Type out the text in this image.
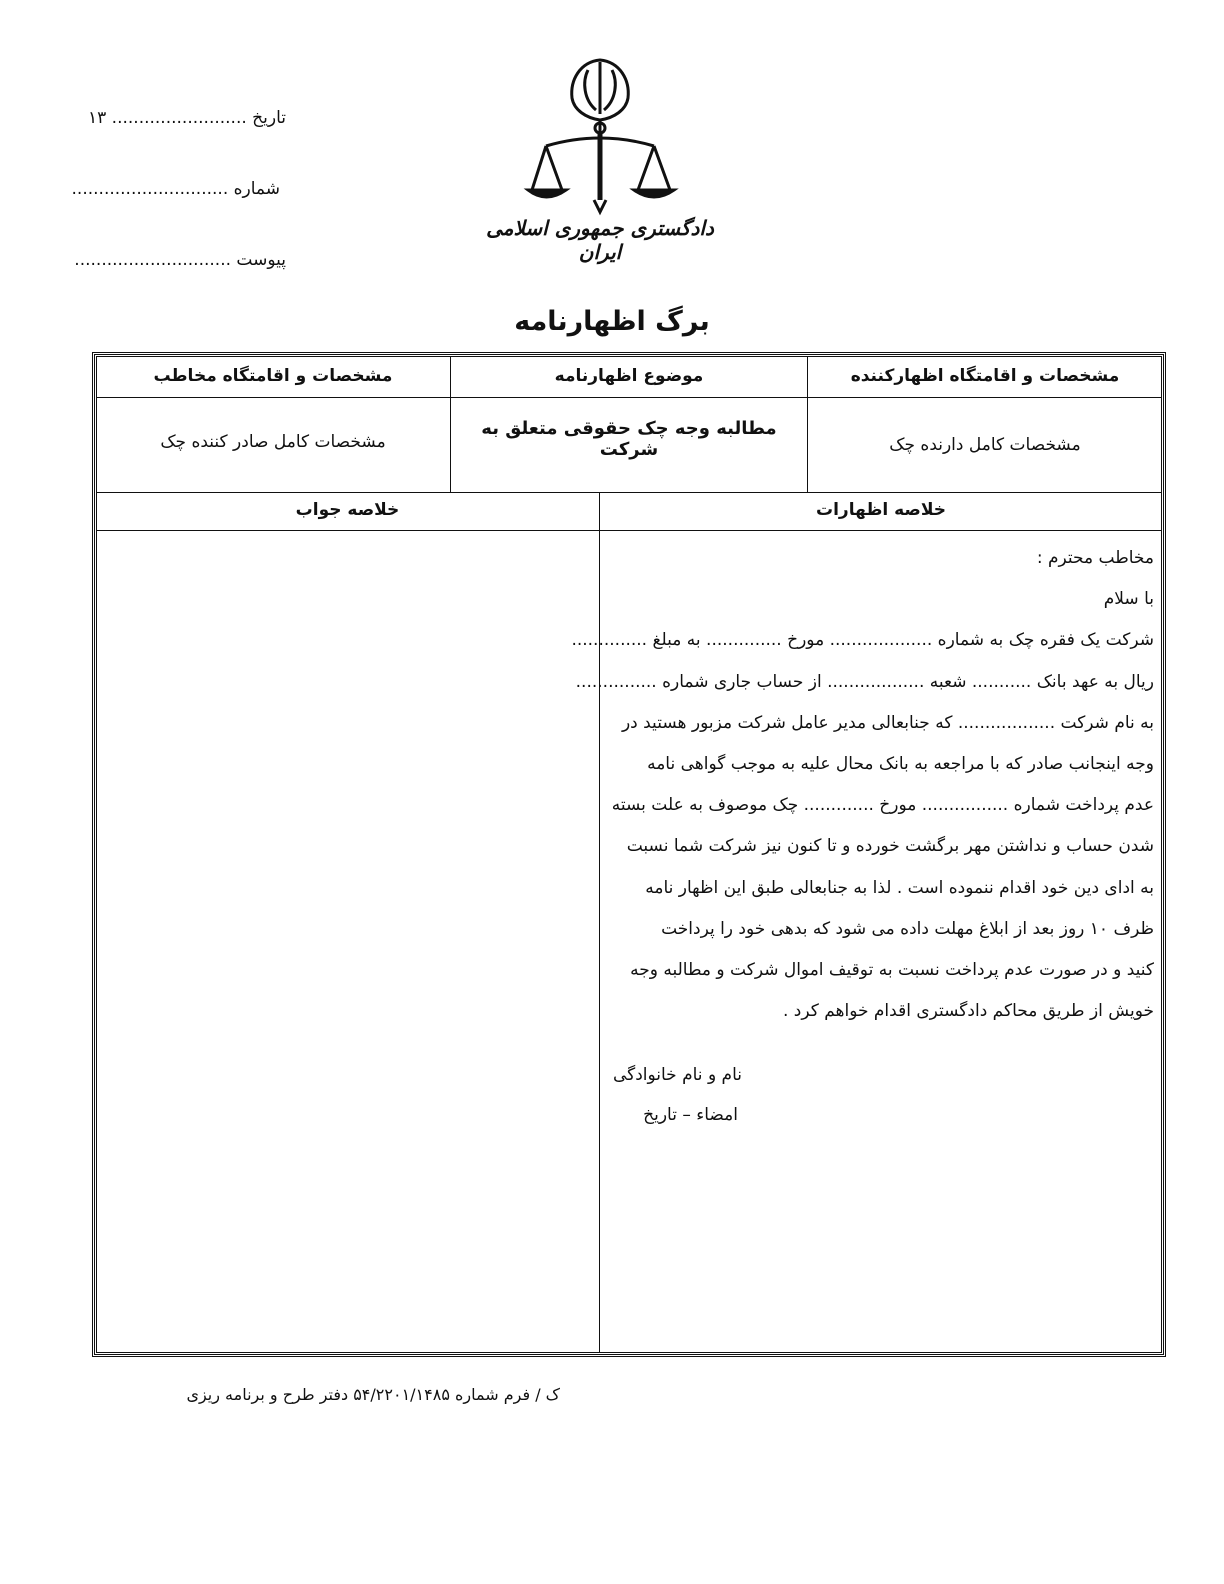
تاریخ ......................... ۱۳
شماره .............................
پیوست .............................
دادگستری جمهوری اسلامی ایران
برگ اظهارنامه
مشخصات و اقامتگاه اظهارکننده
موضوع اظهارنامه
مشخصات و اقامتگاه مخاطب
مشخصات کامل دارنده چک
مطالبه وجه چک حقوقی متعلق به شرکت
مشخصات کامل صادر کننده چک
خلاصه اظهارات
خلاصه جواب
مخاطب محترم :
با سلام
شرکت یک فقره چک به شماره ................... مورخ .............. به مبلغ ..............
ریال به عهد بانک ........... شعبه .................. از حساب جاری شماره ...............
به نام شرکت .................. که جنابعالی مدیر عامل شرکت مزبور هستید در
وجه اینجانب صادر که با مراجعه به بانک محال علیه به موجب گواهی نامه
عدم پرداخت شماره ................ مورخ ............. چک موصوف به علت بسته
شدن حساب و نداشتن مهر برگشت خورده و تا کنون نیز شرکت شما نسبت
به ادای دین خود اقدام ننموده است . لذا به جنابعالی طبق این اظهار نامه
ظرف ۱۰ روز بعد از ابلاغ مهلت داده می شود که بدهی خود را پرداخت
کنید و در صورت عدم پرداخت نسبت به توقیف اموال شرکت و مطالبه وجه
خویش از طریق محاکم دادگستری اقدام خواهم کرد .
نام و نام خانوادگی
امضاء – تاریخ
ک / فرم شماره ۵۴/۲۲۰۱/۱۴۸۵ دفتر طرح و برنامه ریزی
